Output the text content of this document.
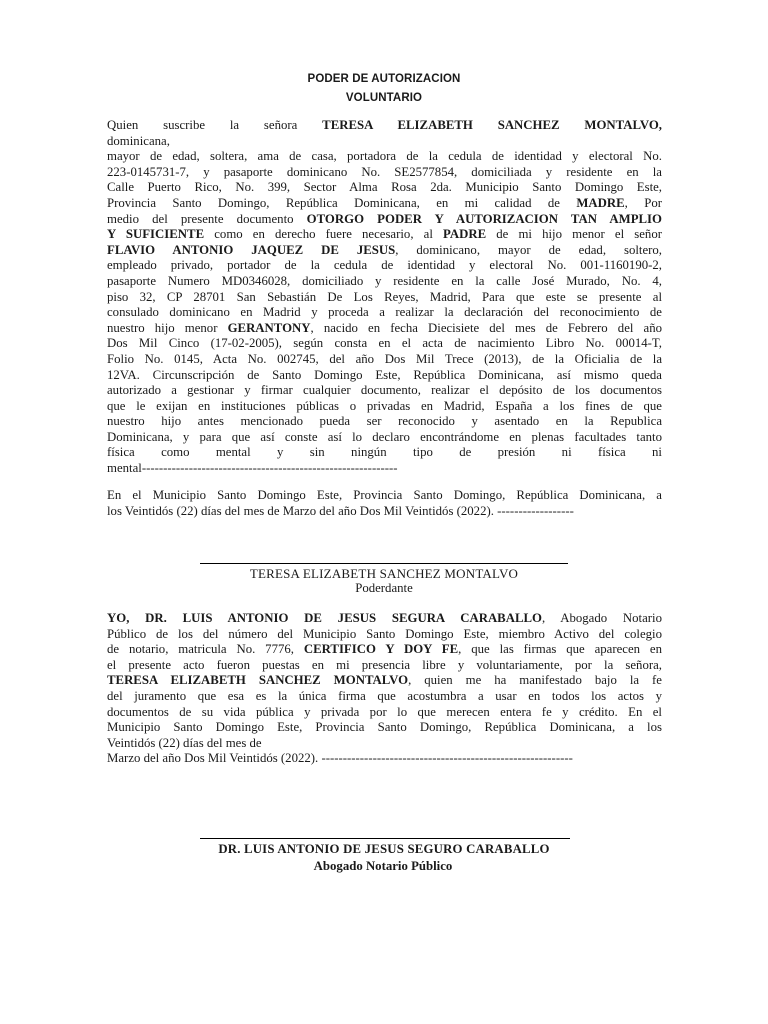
PODER DE AUTORIZACION
VOLUNTARIO
Quien suscribe la señora TERESA ELIZABETH SANCHEZ MONTALVO,
dominicana,
mayor de edad, soltera, ama de casa, portadora de la cedula de identidad y electoral No.
223-0145731-7, y pasaporte dominicano No. SE2577854, domiciliada y residente en la
Calle Puerto Rico, No. 399, Sector Alma Rosa 2da. Municipio Santo Domingo Este,
Provincia Santo Domingo, República Dominicana, en mi calidad de MADRE, Por
medio del presente documento OTORGO PODER Y AUTORIZACION TAN AMPLIO
Y SUFICIENTE como en derecho fuere necesario, al PADRE de mi hijo menor el señor
FLAVIO ANTONIO JAQUEZ DE JESUS, dominicano, mayor de edad, soltero,
empleado privado, portador de la cedula de identidad y electoral No. 001-1160190-2,
pasaporte Numero MD0346028, domiciliado y residente en la calle José Murado, No. 4,
piso 32, CP 28701 San Sebastián De Los Reyes, Madrid, Para que este se presente al
consulado dominicano en Madrid y proceda a realizar la declaración del reconocimiento de
nuestro hijo menor GERANTONY, nacido en fecha Diecisiete del mes de Febrero del año
Dos Mil Cinco (17-02-2005), según consta en el acta de nacimiento Libro No. 00014-T,
Folio No. 0145, Acta No. 002745, del año Dos Mil Trece (2013), de la Oficialia de la
12VA. Circunscripción de Santo Domingo Este, República Dominicana, así mismo queda
autorizado a gestionar y firmar cualquier documento, realizar el depósito de los documentos
que le exijan en instituciones públicas o privadas en Madrid, España a los fines de que
nuestro hijo antes mencionado pueda ser reconocido y asentado en la Republica
Dominicana, y para que así conste así lo declaro encontrándome en plenas facultades tanto
física como mental y sin ningún tipo de presión ni física ni
mental------------------------------------------------------------
En el Municipio Santo Domingo Este, Provincia Santo Domingo, República Dominicana, a
los Veintidós (22) días del mes de Marzo del año Dos Mil Veintidós (2022). ------------------
TERESA ELIZABETH SANCHEZ MONTALVO
Poderdante
YO, DR. LUIS ANTONIO DE JESUS SEGURA CARABALLO, Abogado Notario
Público de los del número del Municipio Santo Domingo Este, miembro Activo del colegio
de notario, matricula No. 7776, CERTIFICO Y DOY FE, que las firmas que aparecen en
el presente acto fueron puestas en mi presencia libre y voluntariamente, por la señora,
TERESA ELIZABETH SANCHEZ MONTALVO, quien me ha manifestado bajo la fe
del juramento que esa es la única firma que acostumbra a usar en todos los actos y
documentos de su vida pública y privada por lo que merecen entera fe y crédito. En el
Municipio Santo Domingo Este, Provincia Santo Domingo, República Dominicana, a los
Veintidós (22) días del mes de
Marzo del año Dos Mil Veintidós (2022). -----------------------------------------------------------
DR. LUIS ANTONIO DE JESUS SEGURO CARABALLO
Abogado Notario Público
